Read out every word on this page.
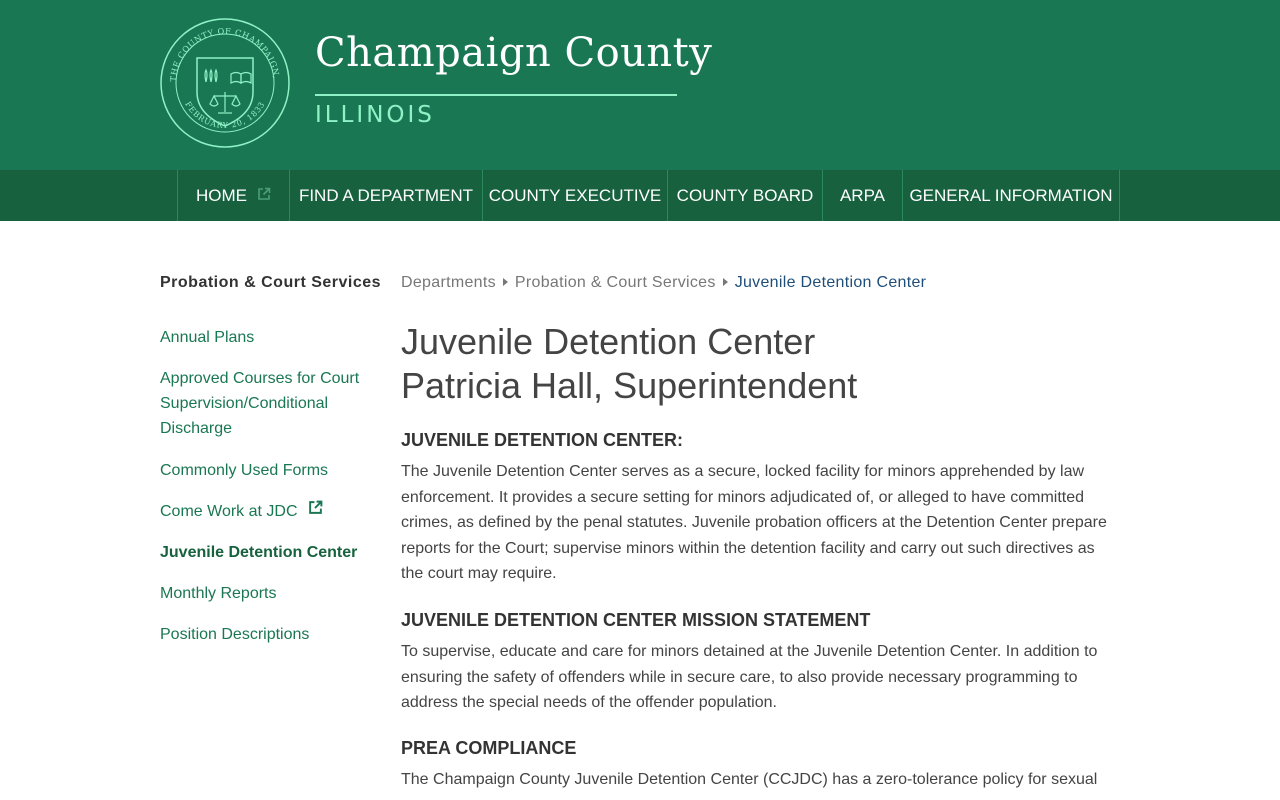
THE COUNTY OF CHAMPAIGN,
FEBRUARY 20, 1833
Champaign County
ILLINOIS
HOME	FIND A DEPARTMENT COUNTY EXECUTIVE COUNTY BOARD	ARPA	GENERAL INFORMATION
Probation & Court Services
Annual Plans
Approved Courses for Court Supervision/Conditional Discharge
Commonly Used Forms
Come Work at JDC
Juvenile Detention Center
Monthly Reports
Position Descriptions
Departments Probation & Court Services Juvenile Detention Center
Juvenile Detention Center
Patricia Hall, Superintendent
JUVENILE DETENTION CENTER:

The Juvenile Detention Center serves as a secure, locked facility for minors apprehended by law enforcement. It provides a secure setting for minors adjudicated of, or alleged to have committed crimes, as defined by the penal statutes. Juvenile probation officers at the Detention Center prepare reports for the Court; supervise minors within the detention facility and carry out such directives as the court may require.

JUVENILE DETENTION CENTER MISSION STATEMENT

To supervise, educate and care for minors detained at the Juvenile Detention Center. In addition to ensuring the safety of offenders while in secure care, to also provide necessary programming to address the special needs of the offender population.

PREA COMPLIANCE

The Champaign County Juvenile Detention Center (CCJDC) has a zero-tolerance policy for sexual
